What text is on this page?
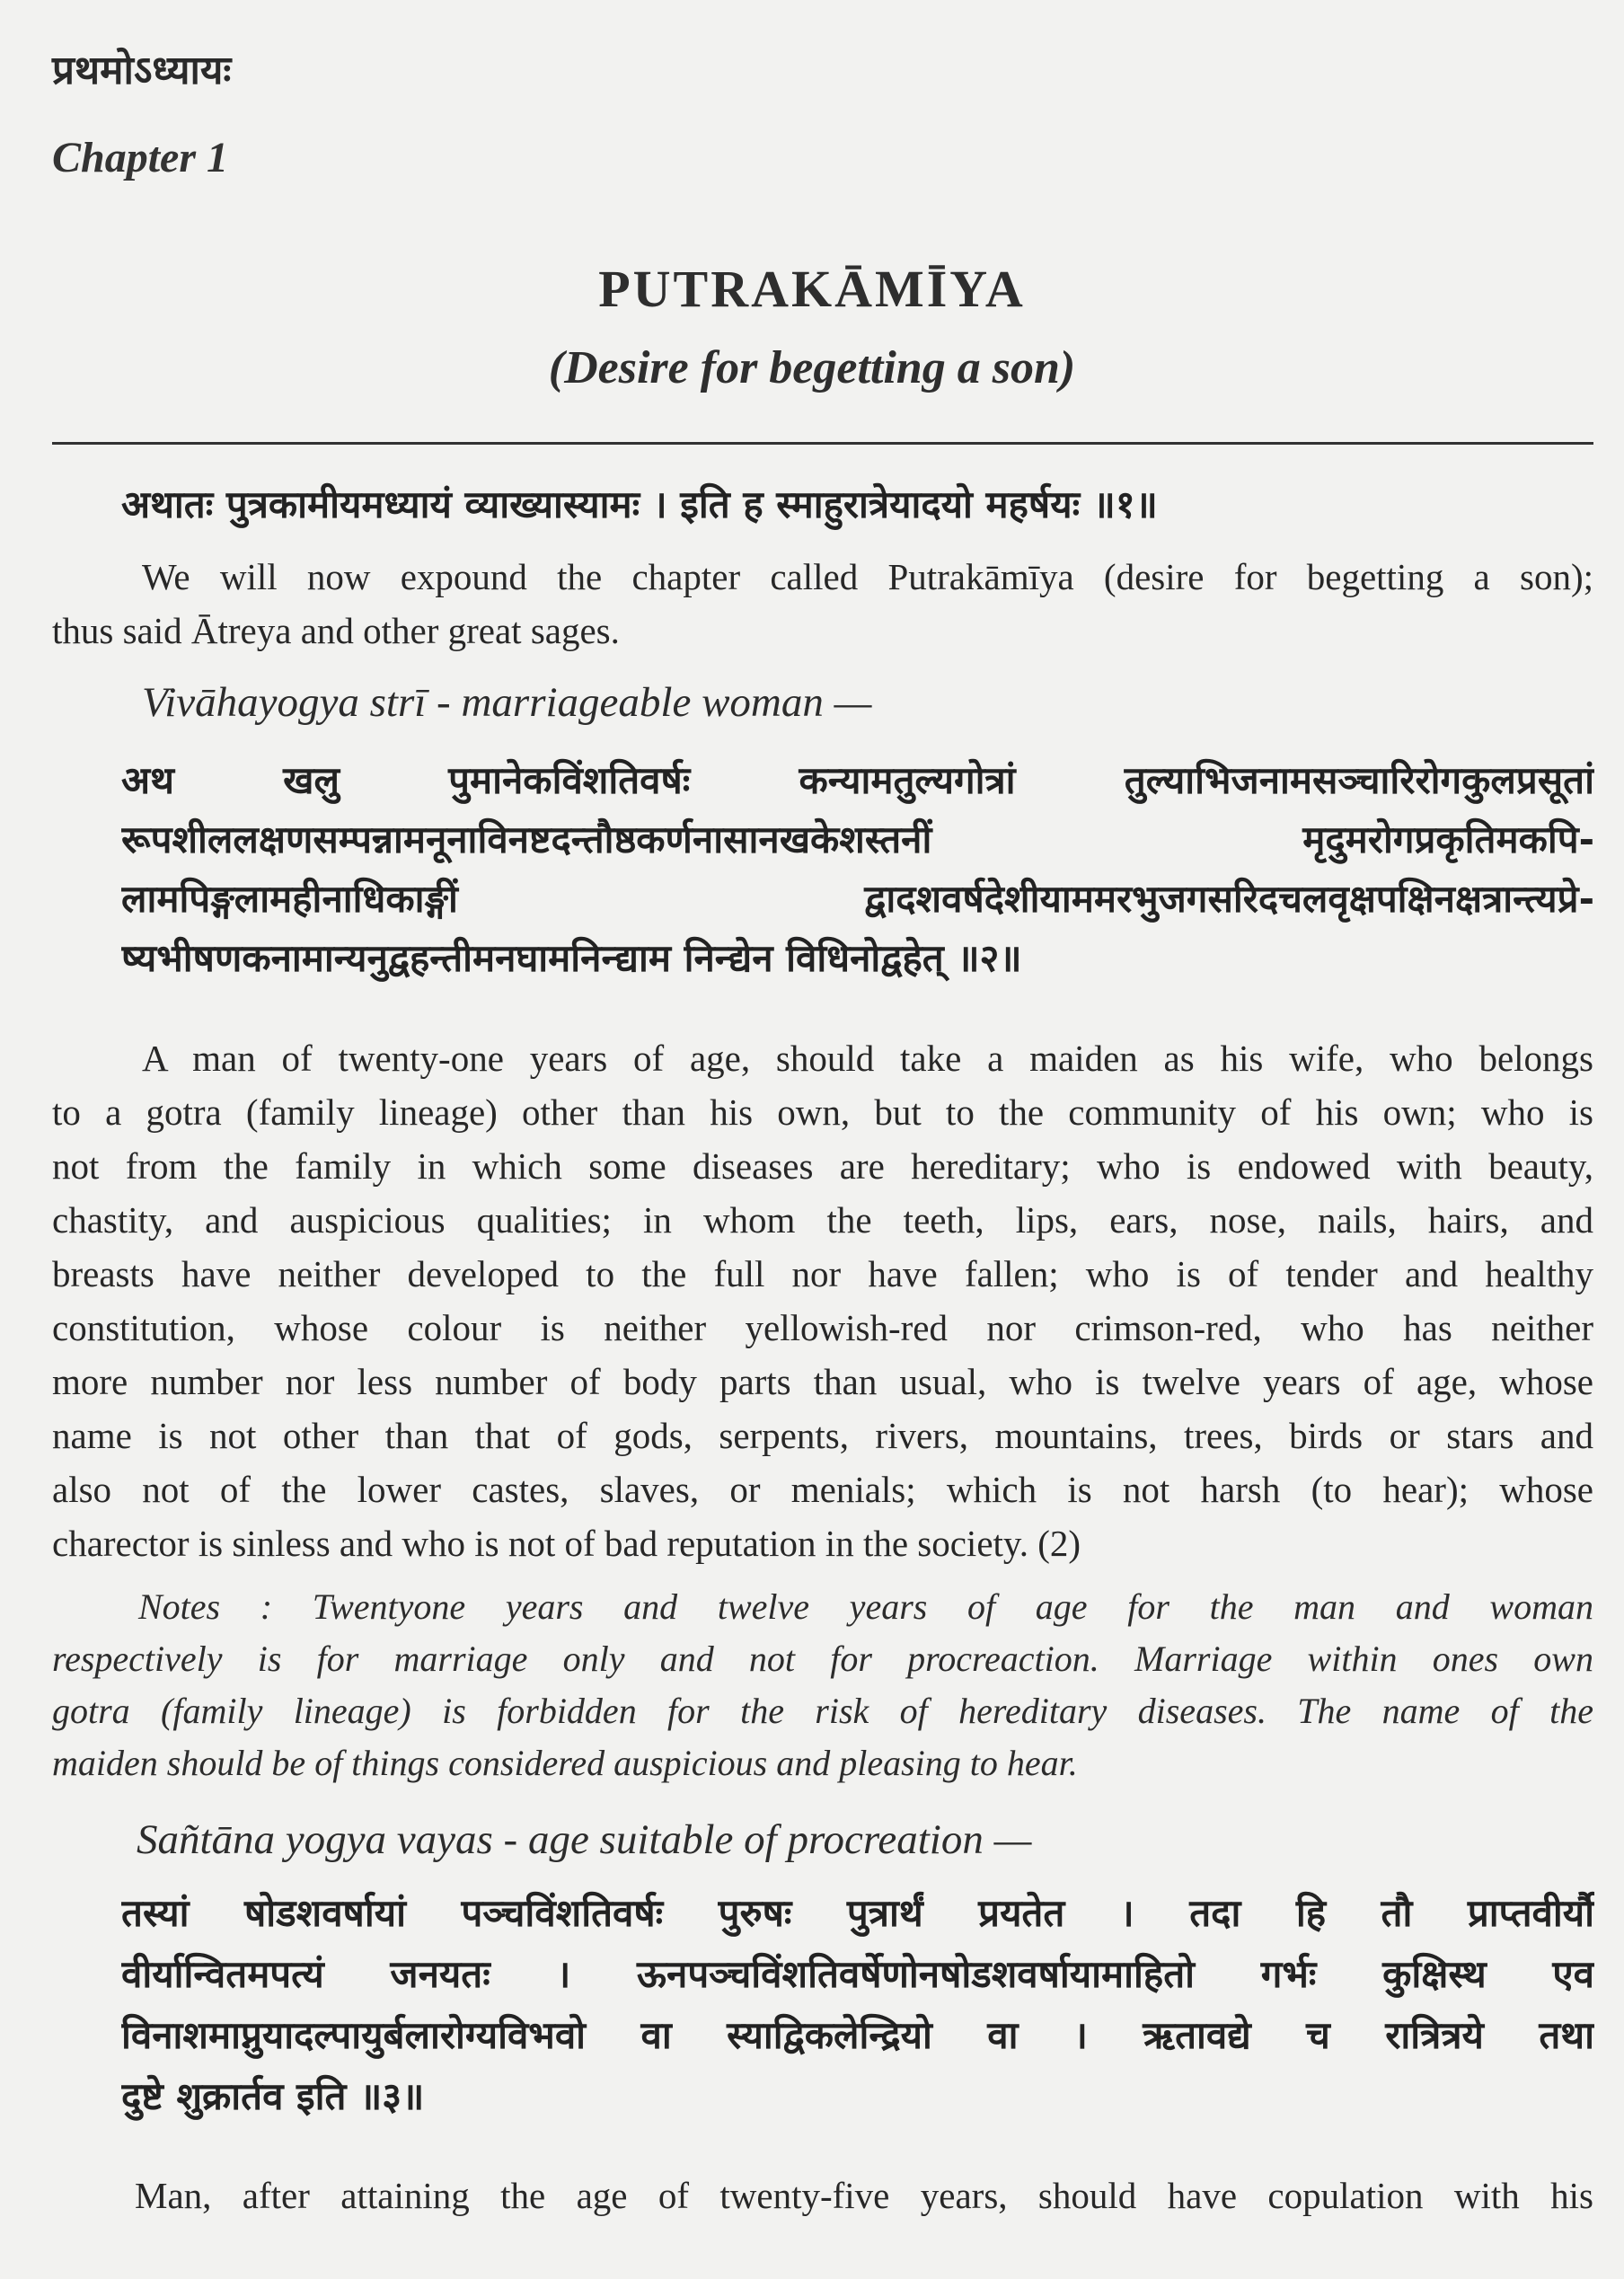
प्रथमोऽध्यायः
Chapter 1
PUTRAKĀMĪYA
(Desire for begetting a son)
अथातः पुत्रकामीयमध्यायं व्याख्यास्यामः । इति ह स्माहुरात्रेयादयो महर्षयः ॥१॥
We will now expound the chapter called Putrakāmīya (desire for begetting a son);
thus said Ātreya and other great sages.
Vivāhayogya strī - marriageable woman —
अथ खलु पुमानेकविंशतिवर्षः कन्यामतुल्यगोत्रां तुल्याभिजनामसञ्चारिरोगकुलप्रसूतां
रूपशीललक्षणसम्पन्नामनूनाविनष्टदन्तौष्ठकर्णनासानखकेशस्तनीं मृदुमरोगप्रकृतिमकपि-
लामपिङ्गलामहीनाधिकाङ्गीं द्वादशवर्षदेशीयाममरभुजगसरिदचलवृक्षपक्षिनक्षत्रान्त्यप्रे-
ष्यभीषणकनामान्यनुद्वहन्तीमनघामनिन्द्याम निन्द्येन विधिनोद्वहेत् ॥२॥
A man of twenty-one years of age, should take a maiden as his wife, who belongs
to a gotra (family lineage) other than his own, but to the community of his own; who is
not from the family in which some diseases are hereditary; who is endowed with beauty,
chastity, and auspicious qualities; in whom the teeth, lips, ears, nose, nails, hairs, and
breasts have neither developed to the full nor have fallen; who is of tender and healthy
constitution, whose colour is neither yellowish-red nor crimson-red, who has neither
more number nor less number of body parts than usual, who is twelve years of age, whose
name is not other than that of gods, serpents, rivers, mountains, trees, birds or stars and
also not of the lower castes, slaves, or menials; which is not harsh (to hear); whose
charector is sinless and who is not of bad reputation in the society. (2)
Notes : Twentyone years and twelve years of age for the man and woman
respectively is for marriage only and not for procreaction. Marriage within ones own
gotra (family lineage) is forbidden for the risk of hereditary diseases. The name of the
maiden should be of things considered auspicious and pleasing to hear.
Sañtāna yogya vayas - age suitable of procreation —
तस्यां षोडशवर्षायां पञ्चविंशतिवर्षः पुरुषः पुत्रार्थं प्रयतेत । तदा हि तौ प्राप्तवीर्यौ
वीर्यान्वितमपत्यं जनयतः । ऊनपञ्चविंशतिवर्षेणोनषोडशवर्षायामाहितो गर्भः कुक्षिस्थ एव
विनाशमाप्नुयादल्पायुर्बलारोग्यविभवो वा स्याद्विकलेन्द्रियो वा । ऋतावद्ये च रात्रित्रये तथा
दुष्टे शुक्रार्तव इति ॥३॥
Man, after attaining the age of twenty-five years, should have copulation with his
